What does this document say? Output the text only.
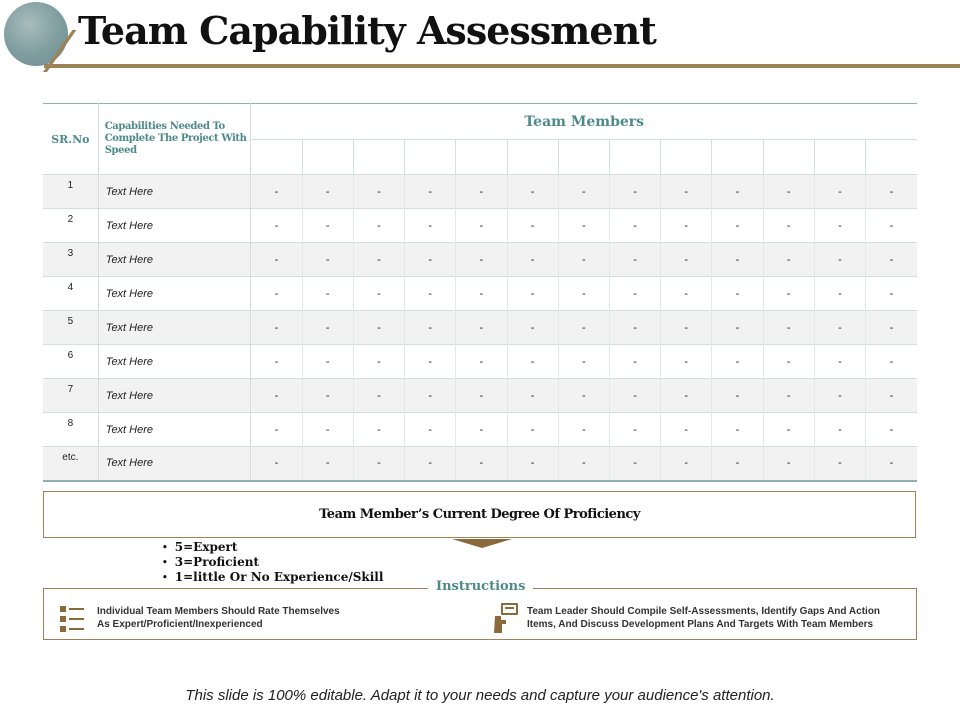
Team Capability Assessment
SR.No	Capabilities Needed To Complete The Project With Speed	Team Members												

1	Text Here	-	-	-	-	-	-	-	-	-	-	-	-	-
2	Text Here	-	-	-	-	-	-	-	-	-	-	-	-	-
3	Text Here	-	-	-	-	-	-	-	-	-	-	-	-	-
4	Text Here	-	-	-	-	-	-	-	-	-	-	-	-	-
5	Text Here	-	-	-	-	-	-	-	-	-	-	-	-	-
6	Text Here	-	-	-	-	-	-	-	-	-	-	-	-	-
7	Text Here	-	-	-	-	-	-	-	-	-	-	-	-	-
8	Text Here	-	-	-	-	-	-	-	-	-	-	-	-	-
etc.	Text Here	-	-	-	-	-	-	-	-	-	-	-	-	-
Team Member’s Current Degree Of Proficiency
• 5=Expert
• 3=Proficient
• 1=little Or No Experience/Skill
Instructions
Individual Team Members Should Rate Themselves
As Expert/Proficient/Inexperienced
Team Leader Should Compile Self-Assessments, Identify Gaps And Action
Items, And Discuss Development Plans And Targets With Team Members
This slide is 100% editable. Adapt it to your needs and capture your audience's attention.
